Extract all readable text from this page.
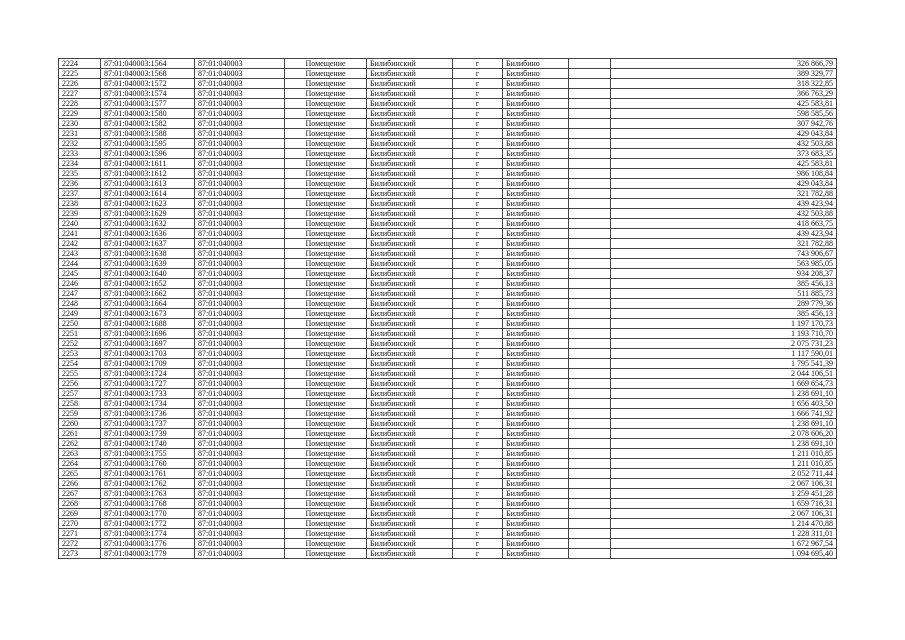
2224	87:01:040003:1564	87:01:040003	Помещение	Билибинский	г	Билибино		326 866,79
2225	87:01:040003:1568	87:01:040003	Помещение	Билибинский	г	Билибино		389 329,77
2226	87:01:040003:1572	87:01:040003	Помещение	Билибинский	г	Билибино		318 322,85
2227	87:01:040003:1574	87:01:040003	Помещение	Билибинский	г	Билибино		366 763,29
2228	87:01:040003:1577	87:01:040003	Помещение	Билибинский	г	Билибино		425 583,81
2229	87:01:040003:1580	87:01:040003	Помещение	Билибинский	г	Билибино		598 585,56
2230	87:01:040003:1582	87:01:040003	Помещение	Билибинский	г	Билибино		307 942,76
2231	87:01:040003:1588	87:01:040003	Помещение	Билибинский	г	Билибино		429 043,84
2232	87:01:040003:1595	87:01:040003	Помещение	Билибинский	г	Билибино		432 503,88
2233	87:01:040003:1596	87:01:040003	Помещение	Билибинский	г	Билибино		373 683,35
2234	87:01:040003:1611	87:01:040003	Помещение	Билибинский	г	Билибино		425 583,81
2235	87:01:040003:1612	87:01:040003	Помещение	Билибинский	г	Билибино		986 108,84
2236	87:01:040003:1613	87:01:040003	Помещение	Билибинский	г	Билибино		429 043,84
2237	87:01:040003:1614	87:01:040003	Помещение	Билибинский	г	Билибино		321 782,88
2238	87:01:040003:1623	87:01:040003	Помещение	Билибинский	г	Билибино		439 423,94
2239	87:01:040003:1629	87:01:040003	Помещение	Билибинский	г	Билибино		432 503,88
2240	87:01:040003:1632	87:01:040003	Помещение	Билибинский	г	Билибино		418 663,75
2241	87:01:040003:1636	87:01:040003	Помещение	Билибинский	г	Билибино		439 423,94
2242	87:01:040003:1637	87:01:040003	Помещение	Билибинский	г	Билибино		321 782,88
2243	87:01:040003:1638	87:01:040003	Помещение	Билибинский	г	Билибино		743 906,67
2244	87:01:040003:1639	87:01:040003	Помещение	Билибинский	г	Билибино		563 985,05
2245	87:01:040003:1640	87:01:040003	Помещение	Билибинский	г	Билибино		934 208,37
2246	87:01:040003:1652	87:01:040003	Помещение	Билибинский	г	Билибино		385 456,13
2247	87:01:040003:1662	87:01:040003	Помещение	Билибинский	г	Билибино		511 885,73
2248	87:01:040003:1664	87:01:040003	Помещение	Билибинский	г	Билибино		289 779,36
2249	87:01:040003:1673	87:01:040003	Помещение	Билибинский	г	Билибино		385 456,13
2250	87:01:040003:1688	87:01:040003	Помещение	Билибинский	г	Билибино		1 197 170,73
2251	87:01:040003:1696	87:01:040003	Помещение	Билибинский	г	Билибино		1 193 710,70
2252	87:01:040003:1697	87:01:040003	Помещение	Билибинский	г	Билибино		2 075 731,23
2253	87:01:040003:1703	87:01:040003	Помещение	Билибинский	г	Билибино		1 117 590,01
2254	87:01:040003:1709	87:01:040003	Помещение	Билибинский	г	Билибино		1 795 541,39
2255	87:01:040003:1724	87:01:040003	Помещение	Билибинский	г	Билибино		2 044 106,51
2256	87:01:040003:1727	87:01:040003	Помещение	Билибинский	г	Билибино		1 669 654,73
2257	87:01:040003:1733	87:01:040003	Помещение	Билибинский	г	Билибино		1 238 691,10
2258	87:01:040003:1734	87:01:040003	Помещение	Билибинский	г	Билибино		1 656 403,50
2259	87:01:040003:1736	87:01:040003	Помещение	Билибинский	г	Билибино		1 666 741,92
2260	87:01:040003:1737	87:01:040003	Помещение	Билибинский	г	Билибино		1 238 691,10
2261	87:01:040003:1739	87:01:040003	Помещение	Билибинский	г	Билибино		2 078 606,20
2262	87:01:040003:1740	87:01:040003	Помещение	Билибинский	г	Билибино		1 238 691,10
2263	87:01:040003:1755	87:01:040003	Помещение	Билибинский	г	Билибино		1 211 010,85
2264	87:01:040003:1760	87:01:040003	Помещение	Билибинский	г	Билибино		1 211 010,85
2265	87:01:040003:1761	87:01:040003	Помещение	Билибинский	г	Билибино		2 052 711,44
2266	87:01:040003:1762	87:01:040003	Помещение	Билибинский	г	Билибино		2 067 106,31
2267	87:01:040003:1763	87:01:040003	Помещение	Билибинский	г	Билибино		1 259 451,28
2268	87:01:040003:1768	87:01:040003	Помещение	Билибинский	г	Билибино		1 659 716,31
2269	87:01:040003:1770	87:01:040003	Помещение	Билибинский	г	Билибино		2 067 106,31
2270	87:01:040003:1772	87:01:040003	Помещение	Билибинский	г	Билибино		1 214 470,88
2271	87:01:040003:1774	87:01:040003	Помещение	Билибинский	г	Билибино		1 228 311,01
2272	87:01:040003:1776	87:01:040003	Помещение	Билибинский	г	Билибино		1 672 967,54
2273	87:01:040003:1779	87:01:040003	Помещение	Билибинский	г	Билибино		1 094 695,40
